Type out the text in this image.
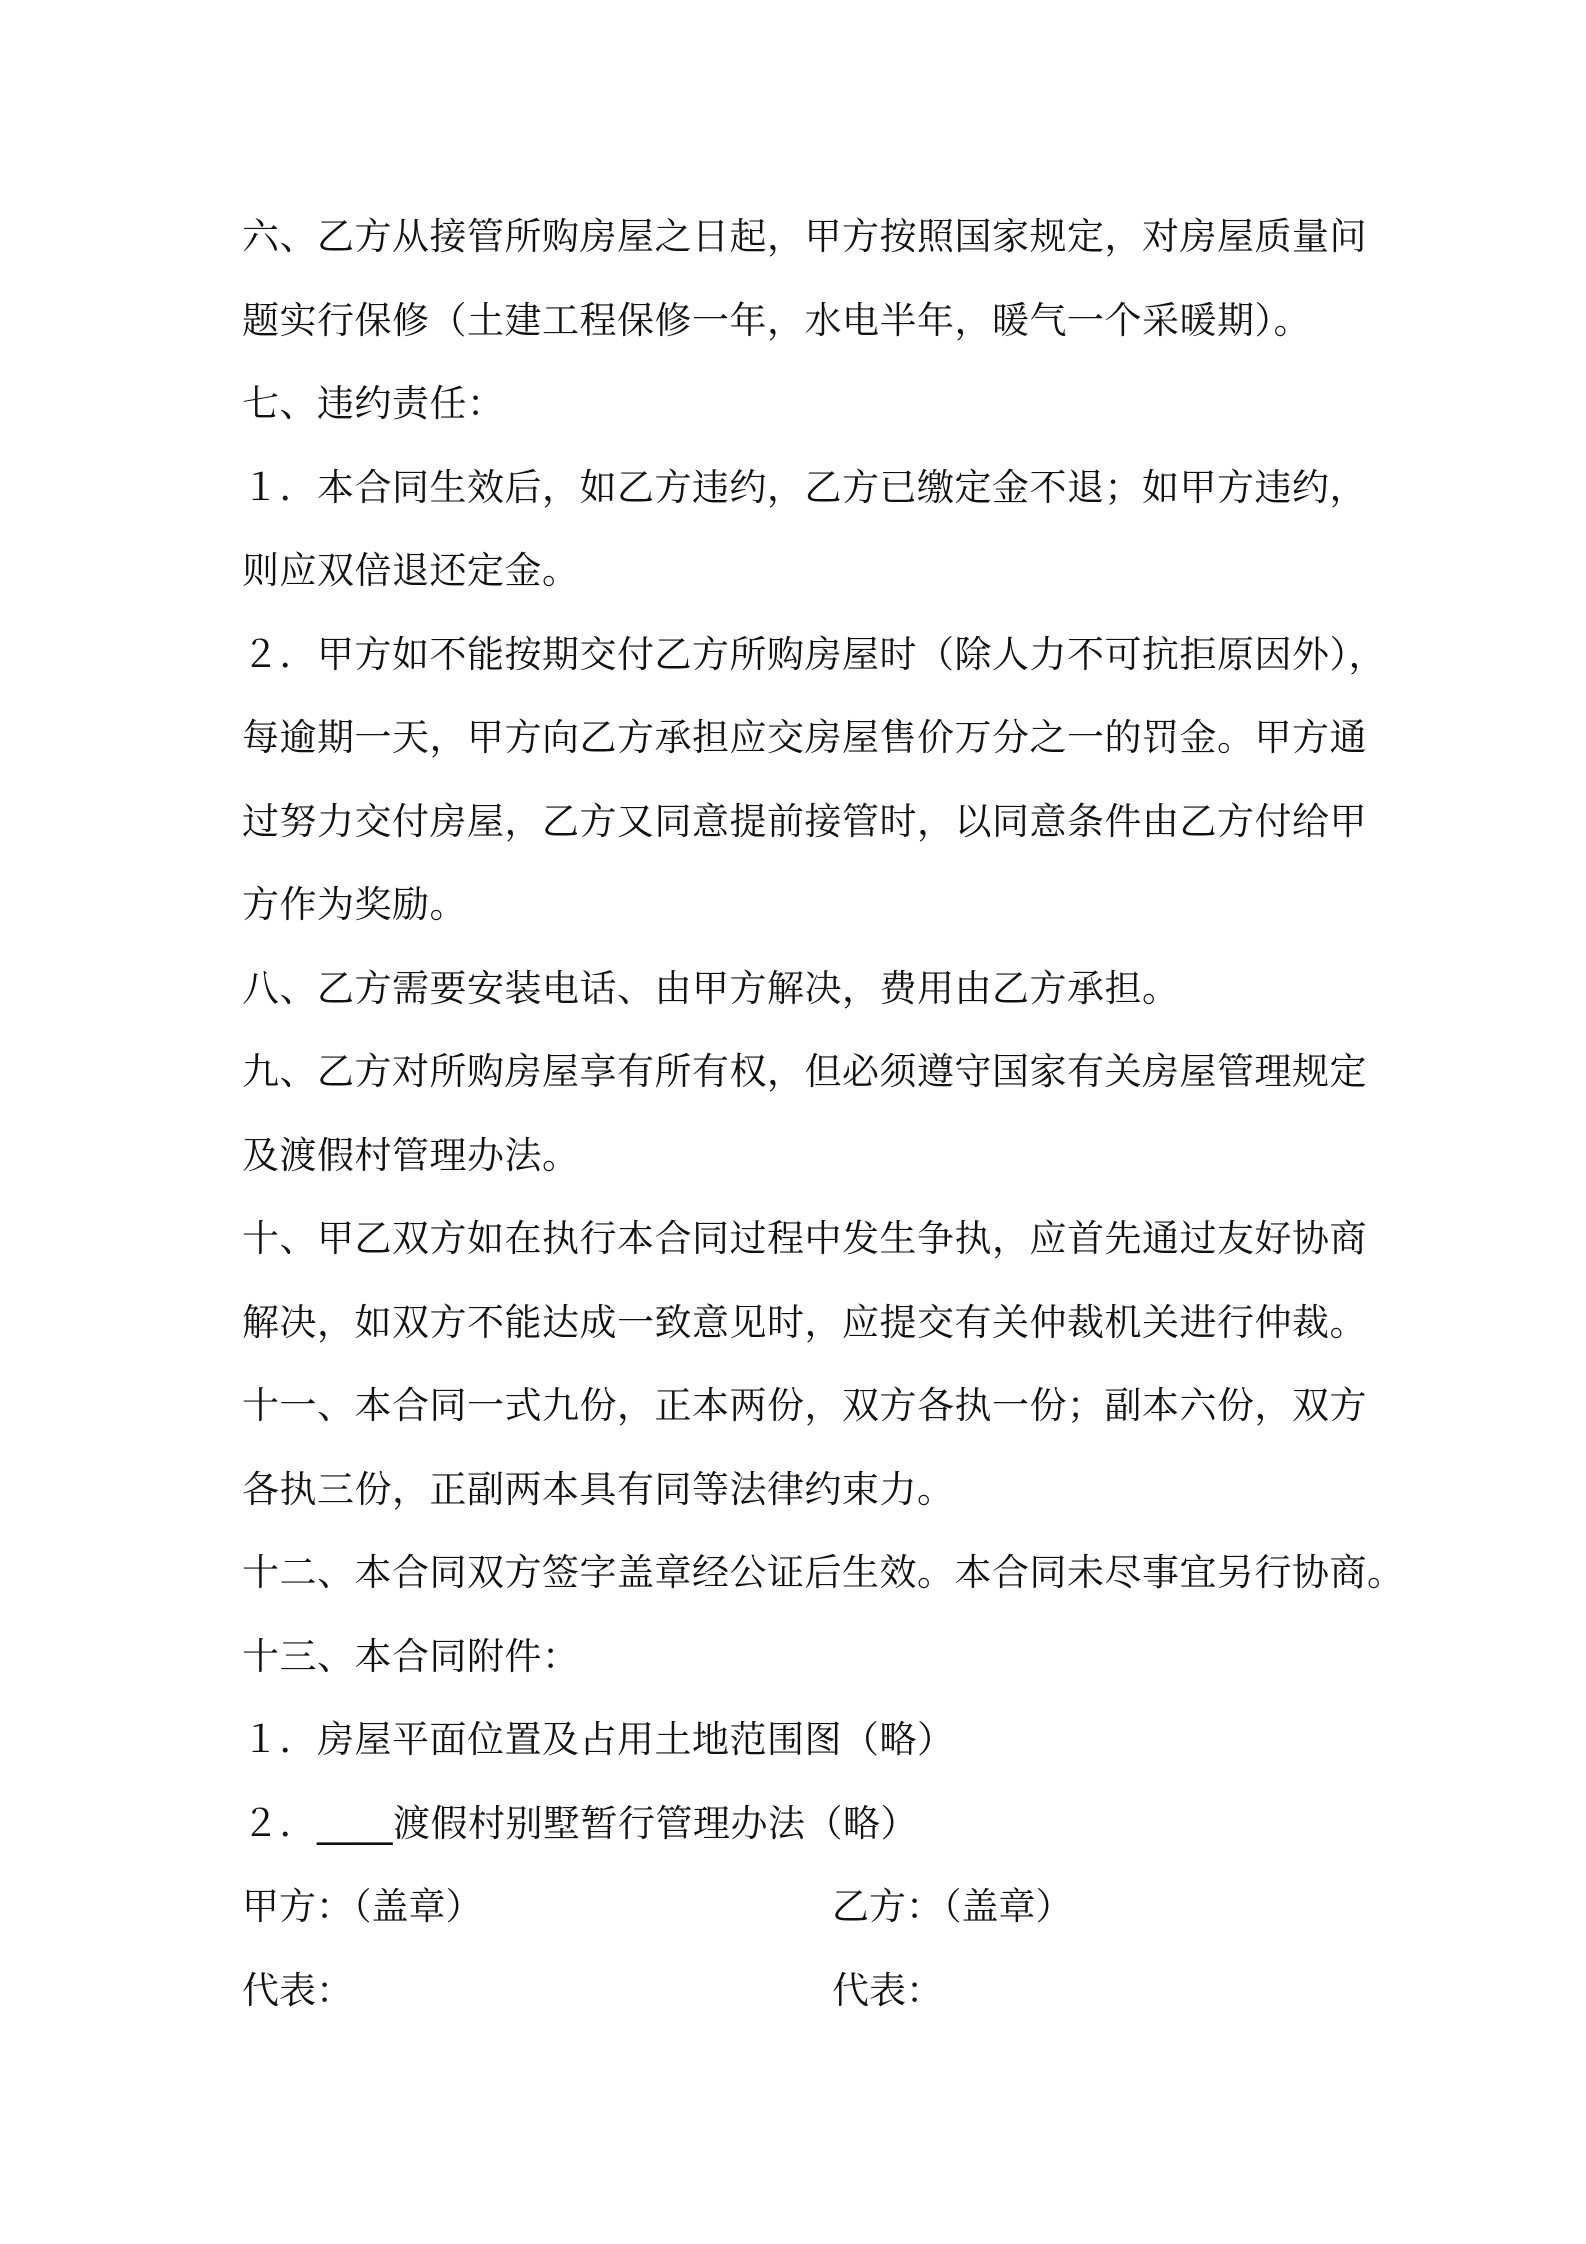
六、乙方从接管所购房屋之日起，甲方按照国家规定，对房屋质量问
题实行保修（土建工程保修一年，水电半年，暖气一个采暖期）。
七、违约责任：
１．本合同生效后，如乙方违约，乙方已缴定金不退；如甲方违约，
则应双倍退还定金。
２．甲方如不能按期交付乙方所购房屋时（除人力不可抗拒原因外），
每逾期一天，甲方向乙方承担应交房屋售价万分之一的罚金。甲方通
过努力交付房屋，乙方又同意提前接管时，以同意条件由乙方付给甲
方作为奖励。
八、乙方需要安装电话、由甲方解决，费用由乙方承担。
九、乙方对所购房屋享有所有权，但必须遵守国家有关房屋管理规定
及渡假村管理办法。
十、甲乙双方如在执行本合同过程中发生争执，应首先通过友好协商
解决，如双方不能达成一致意见时，应提交有关仲裁机关进行仲裁。
十一、本合同一式九份，正本两份，双方各执一份；副本六份，双方
各执三份，正副两本具有同等法律约束力。
十二、本合同双方签字盖章经公证后生效。本合同未尽事宜另行协商。
十三、本合同附件：
１．房屋平面位置及占用土地范围图（略）
２．____渡假村别墅暂行管理办法（略）
甲方：（盖章）	乙方：（盖章）
代表：	代表：
